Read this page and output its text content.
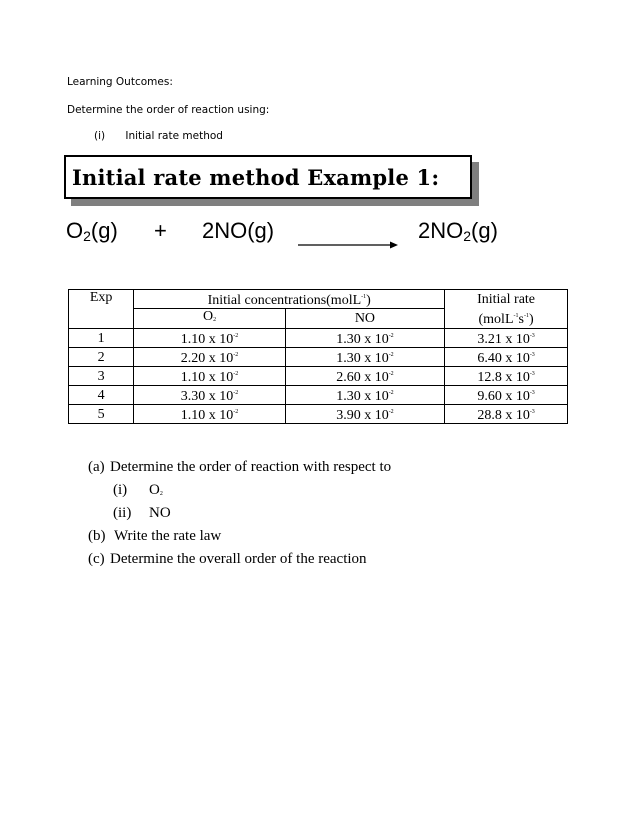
Learning Outcomes:
Determine the order of reaction using:
(i) Initial rate method
Initial rate method Example 1:
$O_2(g) + 2NO(g)$	$2NO_2(g)$
Exp	Initial concentrations(molL$^{-1}$)		Initial rate
	$O_2$	NO	$(molL^{-1}s^{-1})$
1	1.10 x $10^{-2}$	1.30 x $10^{-2}$	3.21 x $10^{-3}$
2	2.20 x $10^{-2}$	1.30 x $10^{-2}$	6.40 x $10^{-3}$
3	1.10 x $10^{-2}$	2.60 x $10^{-2}$	12.8 x $10^{-3}$
4	3.30 x $10^{-2}$	1.30 x $10^{-2}$	9.60 x $10^{-3}$
5	1.10 x $10^{-2}$	3.90 x $10^{-2}$	28.8 x $10^{-3}$
(a) Determine the order of reaction with respect to
(i) $O_2$
(ii) NO
(b) Write the rate law
(c) Determine the overall order of the reaction
